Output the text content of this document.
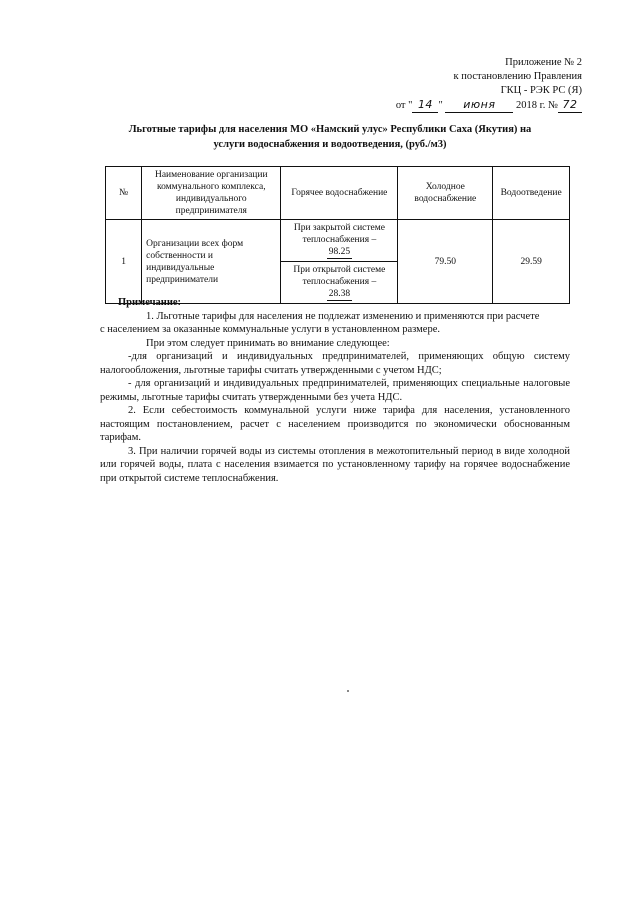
Приложение № 2
к постановлению Правления
ГКЦ - РЭК РС (Я)
от " 14 " июня 2018 г. № 72
Льготные тарифы для населения МО «Намский улус» Республики Саха (Якутия) на
услуги водоснабжения и водоотведения, (руб./м3)
№	Наименование организации коммунального комплекса, индивидуального предпринимателя	Горячее водоснабжение	Холодное водоснабжение	Водоотведение
1	Организации всех форм собственности и индивидуальные предприниматели	При закрытой системе теплоснабжения –
98.25
При открытой системе теплоснабжения –
28.38	79.50	29.59

Примечание:

1. Льготные тарифы для населения не подлежат изменению и применяются при расчете

с населением за оказанные коммунальные услуги в установленном размере.

При этом следует принимать во внимание следующее:

-для организаций и индивидуальных предпринимателей, применяющих общую систему налогообложения, льготные тарифы считать утвержденными с учетом НДС;

- для организаций и индивидуальных предпринимателей, применяющих специальные налоговые режимы, льготные тарифы считать утвержденными без учета НДС.

2. Если себестоимость коммунальной услуги ниже тарифа для населения, установленного настоящим постановлением, расчет с населением производится по экономически обоснованным тарифам.

3. При наличии горячей воды из системы отопления в межотопительный период в виде холодной или горячей воды, плата с населения взимается по установленному тарифу на горячее водоснабжение при открытой системе теплоснабжения.
